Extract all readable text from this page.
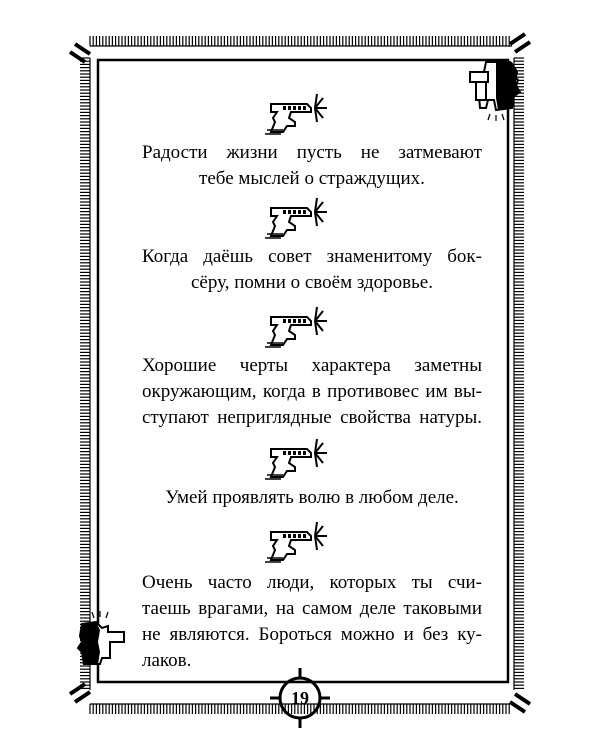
Радости жизни пусть не затмевают
тебе мыслей о страждущих.
Когда даёшь совет знаменитому бок-
сёру, помни о своём здоровье.
Хорошие черты характера заметны
окружающим, когда в противовес им вы-
ступают неприглядные свойства натуры.
Умей проявлять волю в любом деле.
Очень часто люди, которых ты счи-
таешь врагами, на самом деле таковыми
не являются. Бороться можно и без ку-
лаков.
19
